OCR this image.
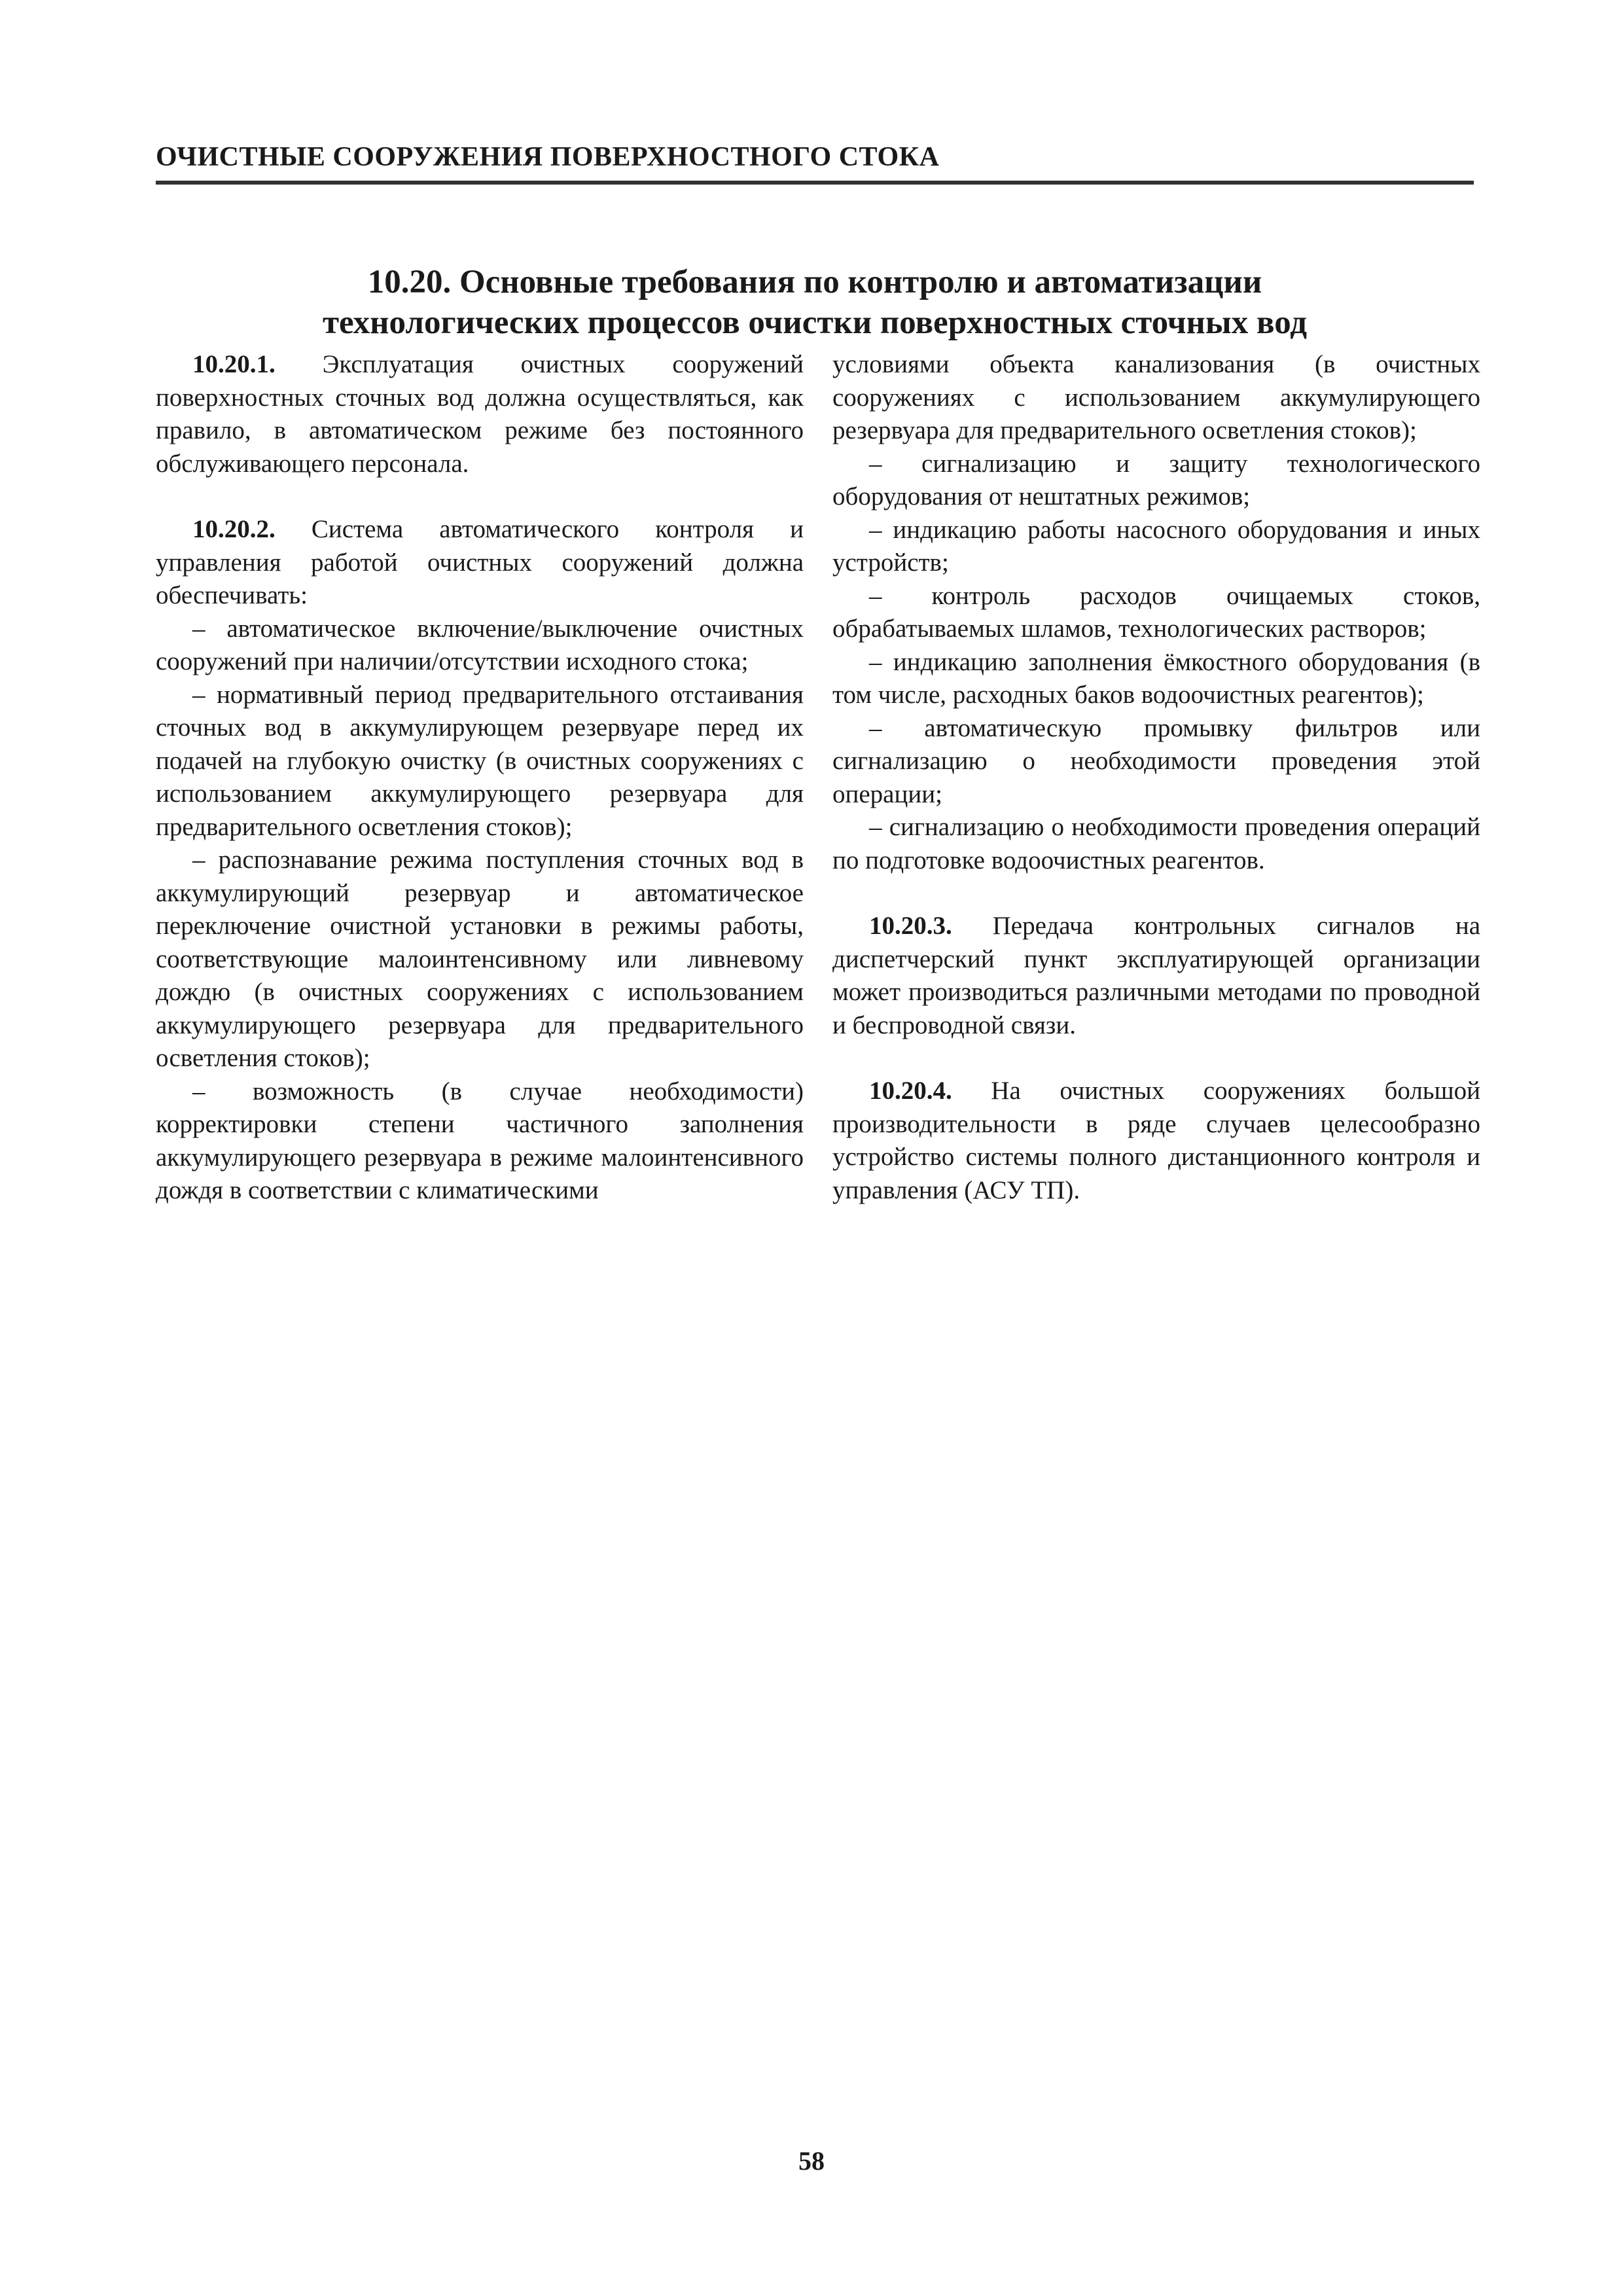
ОЧИСТНЫЕ СООРУЖЕНИЯ ПОВЕРХНОСТНОГО СТОКА
10.20. Основные требования по контролю и автоматизации
технологических процессов очистки поверхностных сточных вод

10.20.1. Эксплуатация очистных сооружений поверхностных сточных вод должна осуществляться, как правило, в автоматическом режиме без постоянного обслуживающего персонала.

10.20.2. Система автоматического контроля и управления работой очистных сооружений должна обеспечивать:

– автоматическое включение/выключение очистных сооружений при наличии/отсутствии исходного стока;

– нормативный период предварительного отстаивания сточных вод в аккумулирующем резервуаре перед их подачей на глубокую очистку (в очистных сооружениях с использованием аккумулирующего резервуара для предварительного осветления стоков);

– распознавание режима поступления сточных вод в аккумулирующий резервуар и автоматическое переключение очистной установки в режимы работы, соответствующие малоинтенсивному или ливневому дождю (в очистных сооружениях с использованием аккумулирующего резервуара для предварительного осветления стоков);

– возможность (в случае необходимости) корректировки степени частичного заполнения аккумулирующего резервуара в режиме малоинтенсивного дождя в соответствии с климатическими

условиями объекта канализования (в очистных сооружениях с использованием аккумулирующего резервуара для предварительного осветления стоков);

– сигнализацию и защиту технологического оборудования от нештатных режимов;

– индикацию работы насосного оборудования и иных устройств;

– контроль расходов очищаемых стоков, обрабатываемых шламов, технологических растворов;

– индикацию заполнения ёмкостного оборудования (в том числе, расходных баков водоочистных реагентов);

– автоматическую промывку фильтров или сигнализацию о необходимости проведения этой операции;

– сигнализацию о необходимости проведения операций по подготовке водоочистных реагентов.

10.20.3. Передача контрольных сигналов на диспетчерский пункт эксплуатирующей организации может производиться различными методами по проводной и беспроводной связи.

10.20.4. На очистных сооружениях большой производительности в ряде случаев целесообразно устройство системы полного дистанционного контроля и управления (АСУ ТП).

58
